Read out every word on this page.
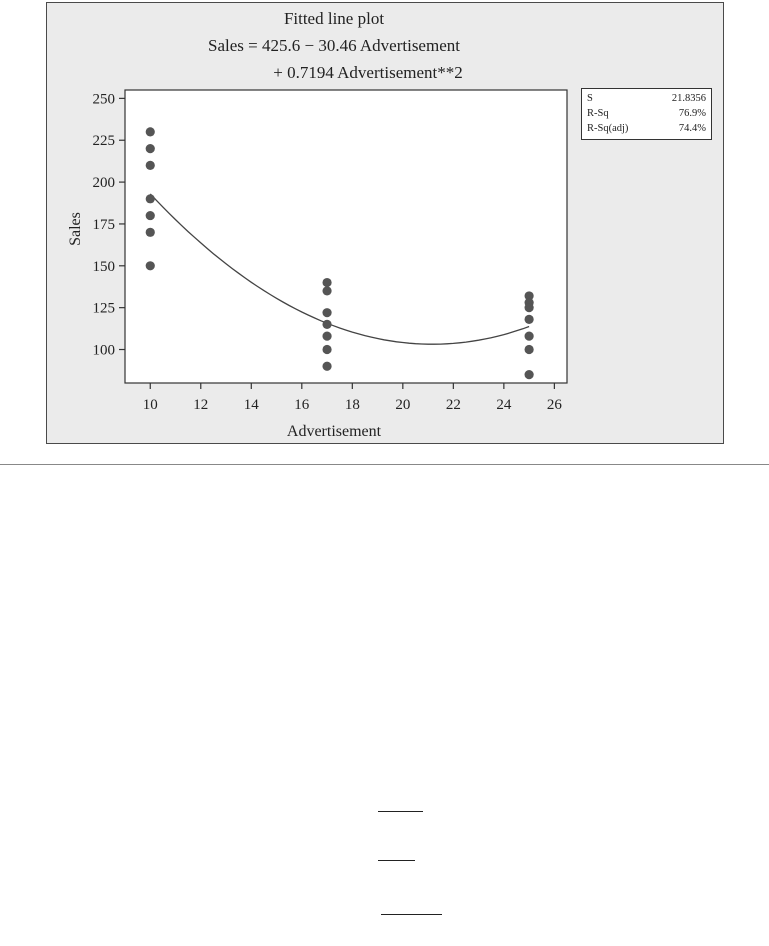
Fitted line plot
Sales = 425.6 − 30.46 Advertisement
+ 0.7194 Advertisement**2
100
125
150
175
200
225
250
10 12 14 16 18 20 22 24 26
Advertisement
Sales
S	21.8356
R-Sq	76.9%
R-Sq(adj)	74.4%
